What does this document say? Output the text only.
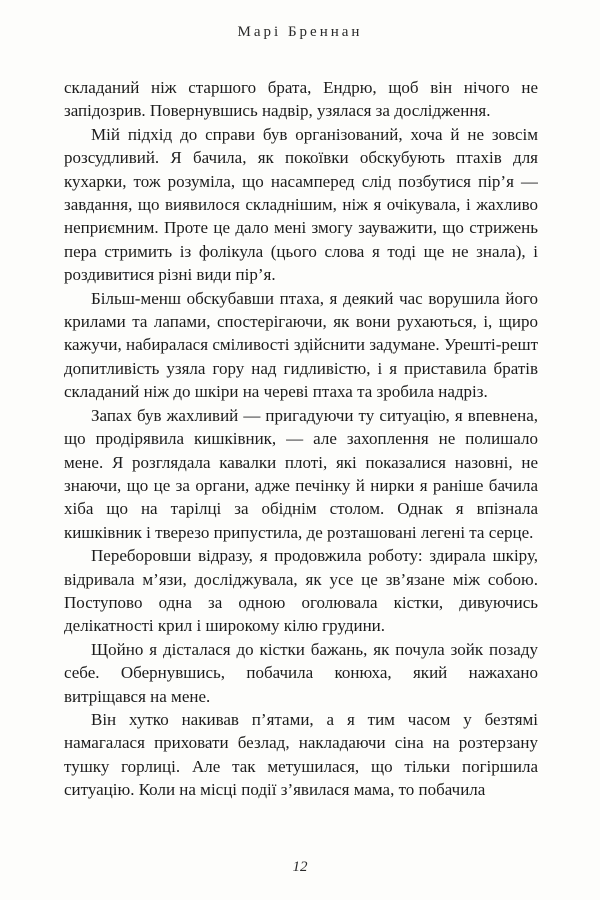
Марі Бреннан

складаний ніж старшого брата, Ендрю, щоб він нічого не запідозрив. Повернувшись надвір, узялася за дослідження.

Мій підхід до справи був організований, хоча й не зовсім розсудливий. Я бачила, як покоївки обскубують птахів для кухарки, тож розуміла, що насамперед слід позбутися пір’я — завдання, що виявилося складнішим, ніж я очікувала, і жахливо неприємним. Проте це дало мені змогу зауважити, що стрижень пера стримить із фолікула (цього слова я тоді ще не знала), і роздивитися різні види пір’я.

Більш-менш обскубавши птаха, я деякий час ворушила його крилами та лапами, спостерігаючи, як вони рухаються, і, щиро кажучи, набиралася сміливості здійснити задумане. Урешті-решт допитливість узяла гору над гидливістю, і я приставила братів складаний ніж до шкіри на череві птаха та зробила надріз.

Запах був жахливий — пригадуючи ту ситуацію, я впевнена, що продірявила кишківник, — але захоплення не полишало мене. Я розглядала кавалки плоті, які показалися назовні, не знаючи, що це за органи, адже печінку й нирки я раніше бачила хіба що на тарілці за обіднім столом. Однак я впізнала кишківник і тверезо припустила, де розташовані легені та серце.

Переборовши відразу, я продовжила роботу: здирала шкіру, відривала м’язи, досліджувала, як усе це зв’язане між собою. Поступово одна за одною оголювала кістки, дивуючись делікатності крил і широкому кілю грудини.

Щойно я дісталася до кістки бажань, як почула зойк позаду себе. Обернувшись, побачила конюха, який нажахано витріщався на мене.

Він хутко накивав п’ятами, а я тим часом у безтямі намагалася приховати безлад, накладаючи сіна на розтерзану тушку горлиці. Але так метушилася, що тільки погіршила ситуацію. Коли на місці події з’явилася мама, то побачила

12
